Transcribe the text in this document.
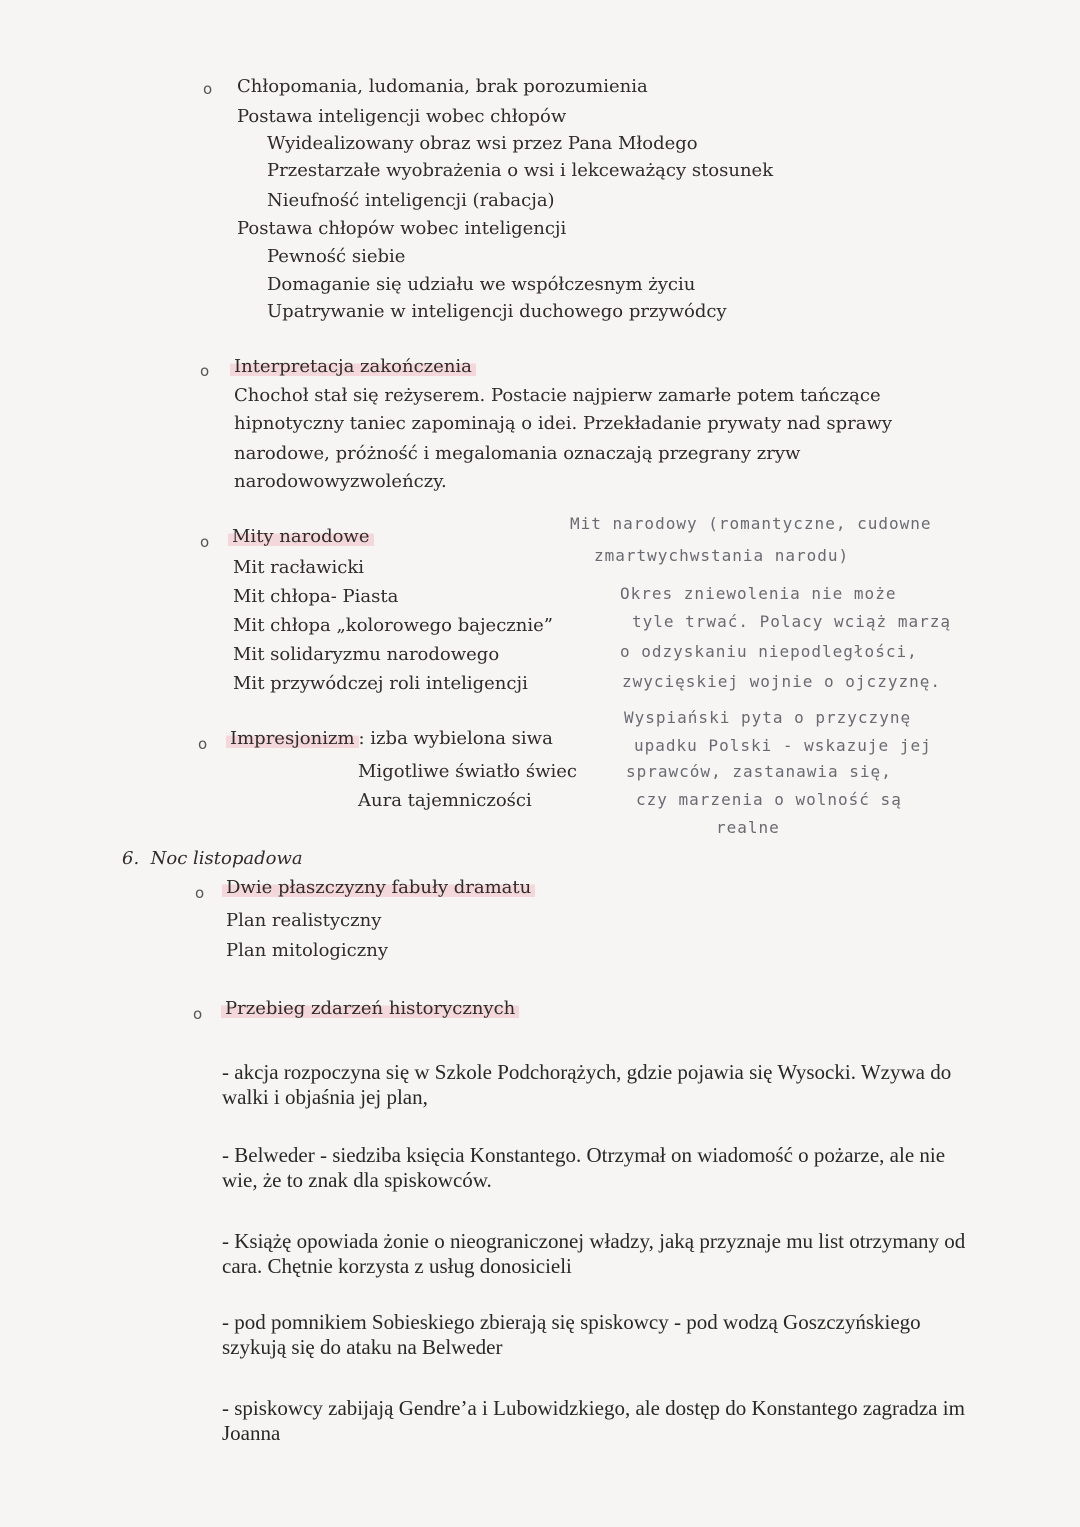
o Chłopomania, ludomania, brak porozumienia
Postawa inteligencji wobec chłopów
Wyidealizowany obraz wsi przez Pana Młodego
Przestarzałe wyobrażenia o wsi i lekceważący stosunek
Nieufność inteligencji (rabacja)
Postawa chłopów wobec inteligencji
Pewność siebie
Domaganie się udziału we współczesnym życiu
Upatrywanie w inteligencji duchowego przywódcy
o Interpretacja zakończenia
Chochoł stał się reżyserem. Postacie najpierw zamarłe potem tańczące
hipnotyczny taniec zapominają o idei. Przekładanie prywaty nad sprawy
narodowe, próżność i megalomania oznaczają przegrany zryw
narodowowyzwoleńczy.
o Mity narodowe
Mit racławicki
Mit chłopa- Piasta
Mit chłopa „kolorowego bajecznie”
Mit solidaryzmu narodowego
Mit przywódczej roli inteligencji
o Impresjonizm : izba wybielona siwa
Migotliwe światło świec
Aura tajemniczości
Mit narodowy (romantyczne, cudowne
zmartwychwstania narodu)
Okres zniewolenia nie może
tyle trwać. Polacy wciąż marzą
o odzyskaniu niepodległości,
zwycięskiej wojnie o ojczyznę.
Wyspiański pyta o przyczynę
upadku Polski - wskazuje jej
sprawców, zastanawia się,
czy marzenia o wolność są
realne
6. Noc listopadowa
o Dwie płaszczyzny fabuły dramatu
Plan realistyczny
Plan mitologiczny
o Przebieg zdarzeń historycznych
- akcja rozpoczyna się w Szkole Podchorążych, gdzie pojawia się Wysocki. Wzywa do walki i objaśnia jej plan,
- Belweder - siedziba księcia Konstantego. Otrzymał on wiadomość o pożarze, ale nie wie, że to znak dla spiskowców.
- Książę opowiada żonie o nieograniczonej władzy, jaką przyznaje mu list otrzymany od cara. Chętnie korzysta z usług donosicieli
- pod pomnikiem Sobieskiego zbierają się spiskowcy - pod wodzą Goszczyńskiego szykują się do ataku na Belweder
- spiskowcy zabijają Gendre’a i Lubowidzkiego, ale dostęp do Konstantego zagradza im Joanna
